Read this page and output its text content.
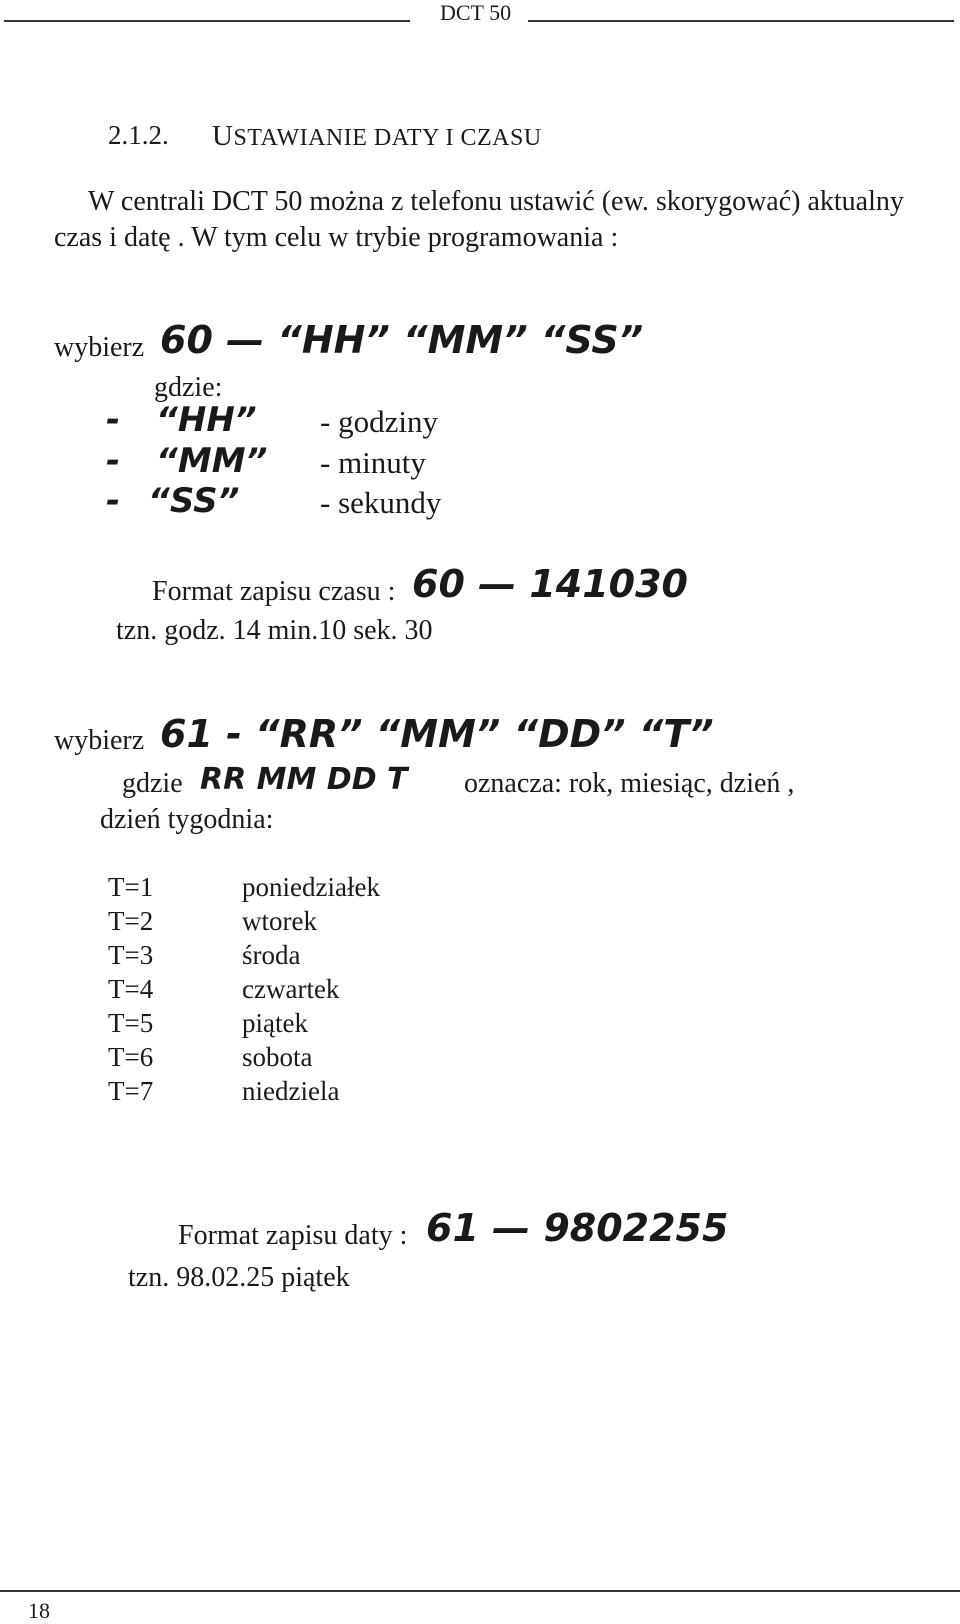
DCT 50
2.1.2. USTAWIANIE DATY I CZASU
W centrali DCT 50 można z telefonu ustawić (ew. skorygować) aktualny
czas i datę . W tym celu w trybie programowania :
wybierz 60 — “HH” “MM” “SS”
gdzie:
- “HH” - godziny
- “MM” - minuty
- “SS”	- sekundy
Format zapisu czasu : 60 — 141030
tzn. godz. 14 min.10 sek. 30
wybierz 61 - “RR” “MM” “DD” “T”
gdzie RR MM DD T oznacza: rok, miesiąc, dzień ,
dzień tygodnia:
T=1	poniedziałek
T=2	wtorek
T=3	środa
T=4	czwartek
T=5	piątek
T=6	sobota
T=7	niedziela
Format zapisu daty : 61 — 9802255
tzn. 98.02.25 piątek
18
